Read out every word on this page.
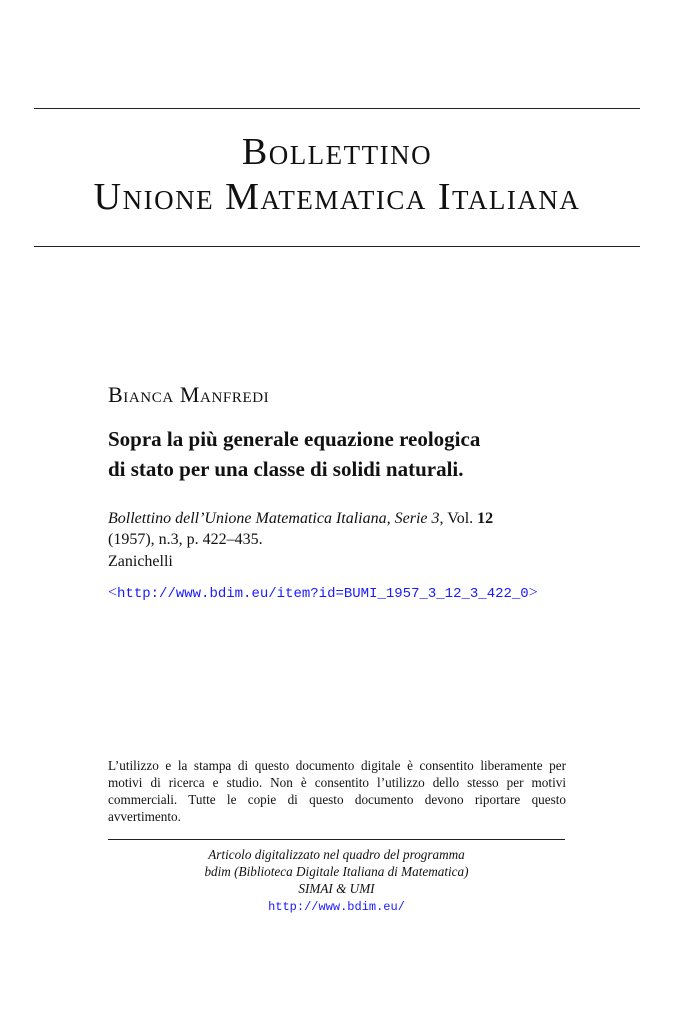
Bollettino
Unione Matematica Italiana
Bianca Manfredi
Sopra la più generale equazione reologica
di stato per una classe di solidi naturali.
Bollettino dell’Unione Matematica Italiana, Serie 3, Vol. 12
(1957), n.3, p. 422–435.
Zanichelli
<http://www.bdim.eu/item?id=BUMI_1957_3_12_3_422_0>
L’utilizzo e la stampa di questo documento digitale è consentito liberamente per motivi di ricerca e studio. Non è consentito l’utilizzo dello stesso per motivi commerciali. Tutte le copie di questo documento devono riportare questo avvertimento.
Articolo digitalizzato nel quadro del programma
bdim (Biblioteca Digitale Italiana di Matematica)
SIMAI & UMI
http://www.bdim.eu/
